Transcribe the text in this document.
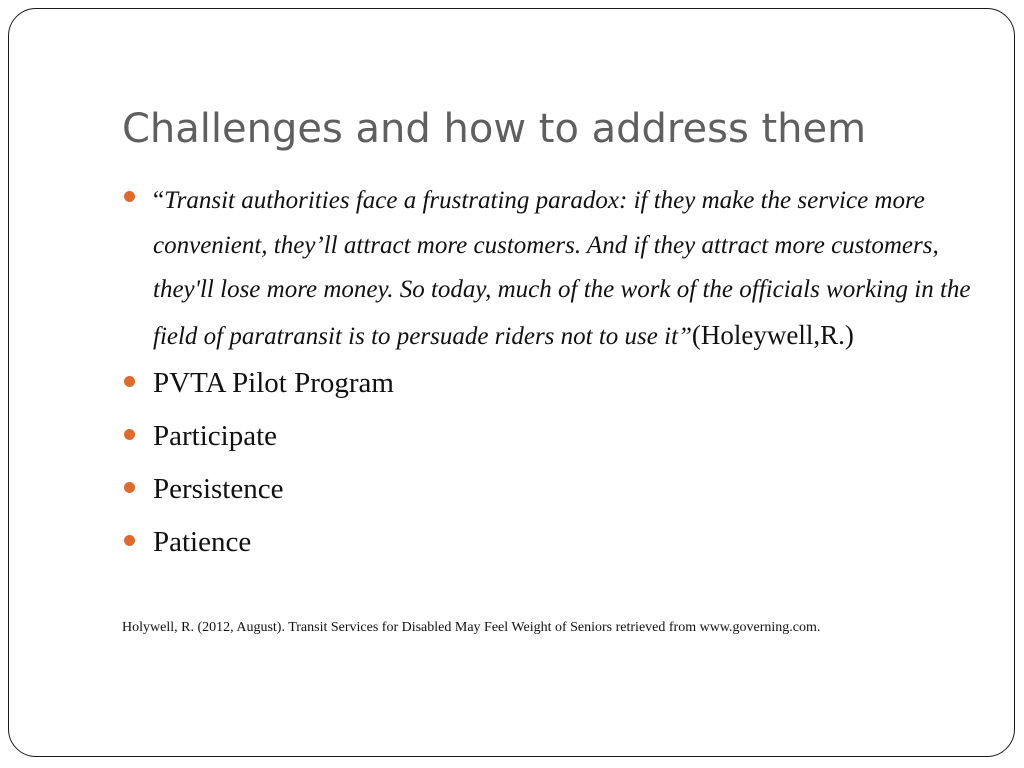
Challenges and how to address them
“Transit authorities face a frustrating paradox: if they make the service more convenient, they’ll attract more customers. And if they attract more customers, they'll lose more money. So today, much of the work of the officials working in the field of paratransit is to persuade riders not to use it”(Holeywell,R.)
PVTA Pilot Program
Participate
Persistence
Patience

Holywell, R. (2012, August). Transit Services for Disabled May Feel Weight of Seniors retrieved from www.governing.com.
